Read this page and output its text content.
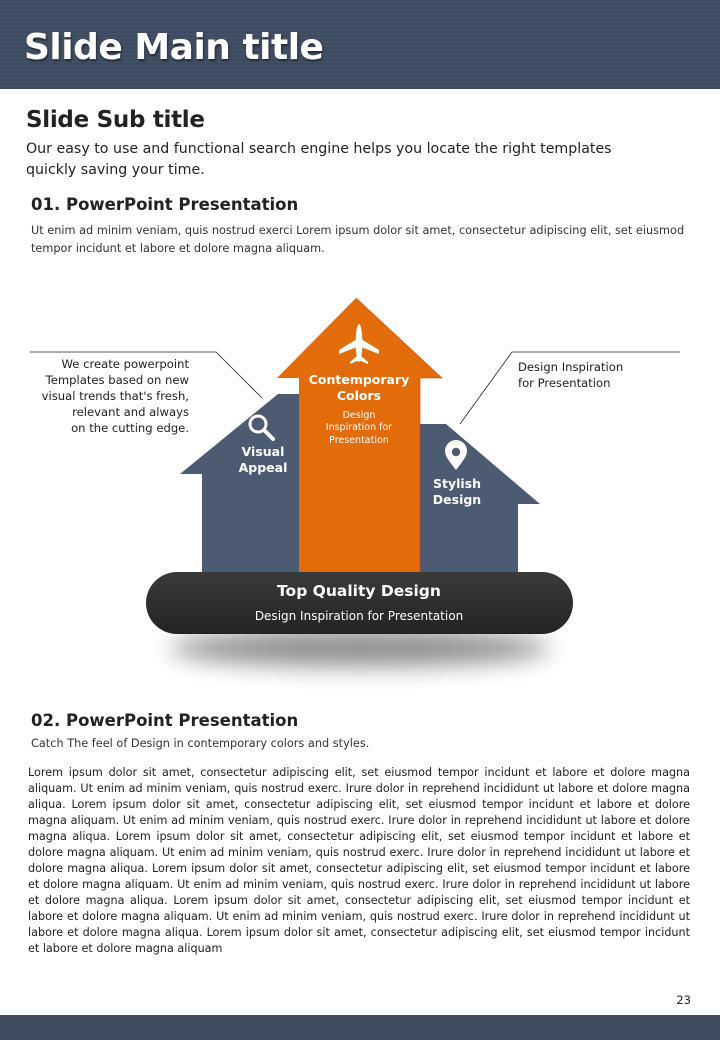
Slide Main title
Slide Sub title

Our easy to use and functional search engine helps you locate the right templates quickly saving your time.

01. PowerPoint Presentation

Ut enim ad minim veniam, quis nostrud exerci Lorem ipsum dolor sit amet, consectetur adipiscing elit, set eiusmod tempor incidunt et labore et dolore magna aliquam.

We create powerpoint
Templates based on new
visual trends that's fresh,
relevant and always
on the cutting edge.
Design Inspiration
for Presentation
Visual
Appeal
Contemporary
Colors
Stylish
Design
Design
Inspiration for
Presentation
Top Quality Design
Design Inspiration for Presentation
02. PowerPoint Presentation

Catch The feel of Design in contemporary colors and styles.

Lorem ipsum dolor sit amet, consectetur adipiscing elit, set eiusmod tempor incidunt et labore et dolore magna aliquam. Ut enim ad minim veniam, quis nostrud exerc. Irure dolor in reprehend incididunt ut labore et dolore magna aliqua. Lorem ipsum dolor sit amet, consectetur adipiscing elit, set eiusmod tempor incidunt et labore et dolore magna aliquam. Ut enim ad minim veniam, quis nostrud exerc. Irure dolor in reprehend incididunt ut labore et dolore magna aliqua. Lorem ipsum dolor sit amet, consectetur adipiscing elit, set eiusmod tempor incidunt et labore et dolore magna aliquam. Ut enim ad minim veniam, quis nostrud exerc. Irure dolor in reprehend incididunt ut labore et dolore magna aliqua. Lorem ipsum dolor sit amet, consectetur adipiscing elit, set eiusmod tempor incidunt et labore et dolore magna aliquam. Ut enim ad minim veniam, quis nostrud exerc. Irure dolor in reprehend incididunt ut labore et dolore magna aliqua. Lorem ipsum dolor sit amet, consectetur adipiscing elit, set eiusmod tempor incidunt et labore et dolore magna aliquam. Ut enim ad minim veniam, quis nostrud exerc. Irure dolor in reprehend incididunt ut labore et dolore magna aliqua. Lorem ipsum dolor sit amet, consectetur adipiscing elit, set eiusmod tempor incidunt et labore et dolore magna aliquam

23
